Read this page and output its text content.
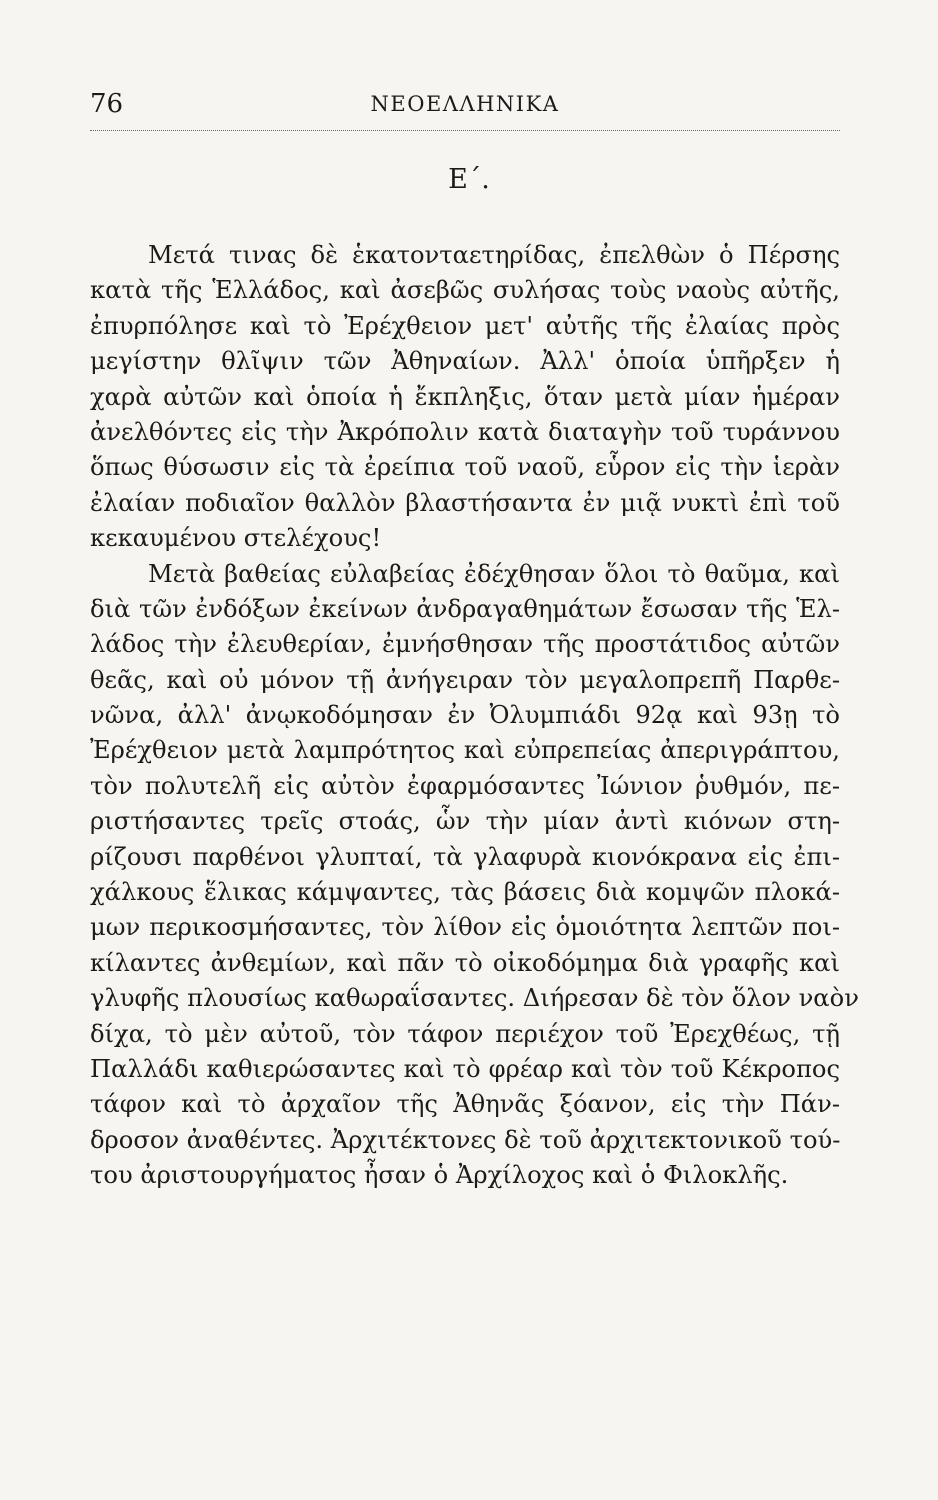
76	ΝΕΟΕΛΛΗΝΙΚΑ
Ε΄.
Μετά τινας δὲ ἑκατονταετηρίδας, ἐπελθὼν ὁ Πέρσης
κατὰ τῆς Ἑλλάδος, καὶ ἀσεβῶς συλήσας τοὺς ναοὺς αὐτῆς,
ἐπυρπόλησε καὶ τὸ Ἐρέχθειον μετ' αὐτῆς τῆς ἐλαίας πρὸς
μεγίστην θλῖψιν τῶν Ἀθηναίων. Ἀλλ' ὁποία ὑπῆρξεν ἡ
χαρὰ αὐτῶν καὶ ὁποία ἡ ἔκπληξις, ὅταν μετὰ μίαν ἡμέραν
ἀνελθόντες εἰς τὴν Ἀκρόπολιν κατὰ διαταγὴν τοῦ τυράννου
ὅπως θύσωσιν εἰς τὰ ἐρείπια τοῦ ναοῦ, εὗρον εἰς τὴν ἱερὰν
ἐλαίαν ποδιαῖον θαλλὸν βλαστήσαντα ἐν μιᾷ νυκτὶ ἐπὶ τοῦ
κεκαυμένου στελέχους!
Μετὰ βαθείας εὐλαβείας ἐδέχθησαν ὅλοι τὸ θαῦμα, καὶ
διὰ τῶν ἐνδόξων ἐκείνων ἀνδραγαθημάτων ἔσωσαν τῆς Ἑλ-
λάδος τὴν ἐλευθερίαν, ἐμνήσθησαν τῆς προστάτιδος αὐτῶν
θεᾶς, καὶ οὐ μόνον τῇ ἀνήγειραν τὸν μεγαλοπρεπῆ Παρθε-
νῶνα, ἀλλ' ἀνῳκοδόμησαν ἐν Ὀλυμπιάδι 92ᾳ καὶ 93ῃ τὸ
Ἐρέχθειον μετὰ λαμπρότητος καὶ εὐπρεπείας ἀπεριγράπτου,
τὸν πολυτελῆ εἰς αὐτὸν ἐφαρμόσαντες Ἰώνιον ῥυθμόν, πε-
ριστήσαντες τρεῖς στοάς, ὧν τὴν μίαν ἀντὶ κιόνων στη-
ρίζουσι παρθένοι γλυπταί, τὰ γλαφυρὰ κιονόκρανα εἰς ἐπι-
χάλκους ἕλικας κάμψαντες, τὰς βάσεις διὰ κομψῶν πλοκά-
μων περικοσμήσαντες, τὸν λίθον εἰς ὁμοιότητα λεπτῶν ποι-
κίλαντες ἀνθεμίων, καὶ πᾶν τὸ οἰκοδόμημα διὰ γραφῆς καὶ
γλυφῆς πλουσίως καθωραΐσαντες. Διήρεσαν δὲ τὸν ὅλον ναὸν
δίχα, τὸ μὲν αὐτοῦ, τὸν τάφον περιέχον τοῦ Ἐρεχθέως, τῇ
Παλλάδι καθιερώσαντες καὶ τὸ φρέαρ καὶ τὸν τοῦ Κέκροπος
τάφον καὶ τὸ ἀρχαῖον τῆς Ἀθηνᾶς ξόανον, εἰς τὴν Πάν-
δροσον ἀναθέντες. Ἀρχιτέκτονες δὲ τοῦ ἀρχιτεκτονικοῦ τού-
του ἀριστουργήματος ἦσαν ὁ Ἀρχίλοχος καὶ ὁ Φιλοκλῆς.
